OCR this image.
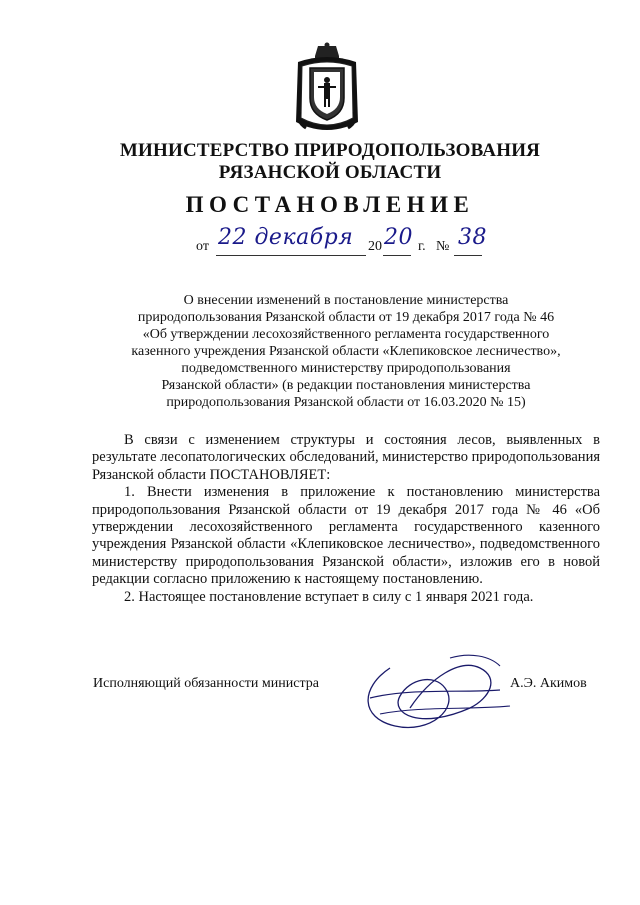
МИНИСТЕРСТВО ПРИРОДОПОЛЬЗОВАНИЯ
РЯЗАНСКОЙ ОБЛАСТИ
ПОСТАНОВЛЕНИЕ
от 22 декабря 20 20 г. № 38
О внесении изменений в постановление министерства
природопользования Рязанской области от 19 декабря 2017 года № 46
«Об утверждении лесохозяйственного регламента государственного
казенного учреждения Рязанской области «Клепиковское лесничество»,
подведомственного министерству природопользования
Рязанской области» (в редакции постановления министерства
природопользования Рязанской области от 16.03.2020 № 15)

В связи с изменением структуры и состояния лесов, выявленных в результате лесопатологических обследований, министерство природопользования Рязанской области ПОСТАНОВЛЯЕТ:

1. Внести изменения в приложение к постановлению министерства природопользования Рязанской области от 19 декабря 2017 года № 46 «Об утверждении лесохозяйственного регламента государственного казенного учреждения Рязанской области «Клепиковское лесничество», подведомственного министерству природопользования Рязанской области», изложив его в новой редакции согласно приложению к настоящему постановлению.

2. Настоящее постановление вступает в силу с 1 января 2021 года.

Исполняющий обязанности министра	А.Э. Акимов
